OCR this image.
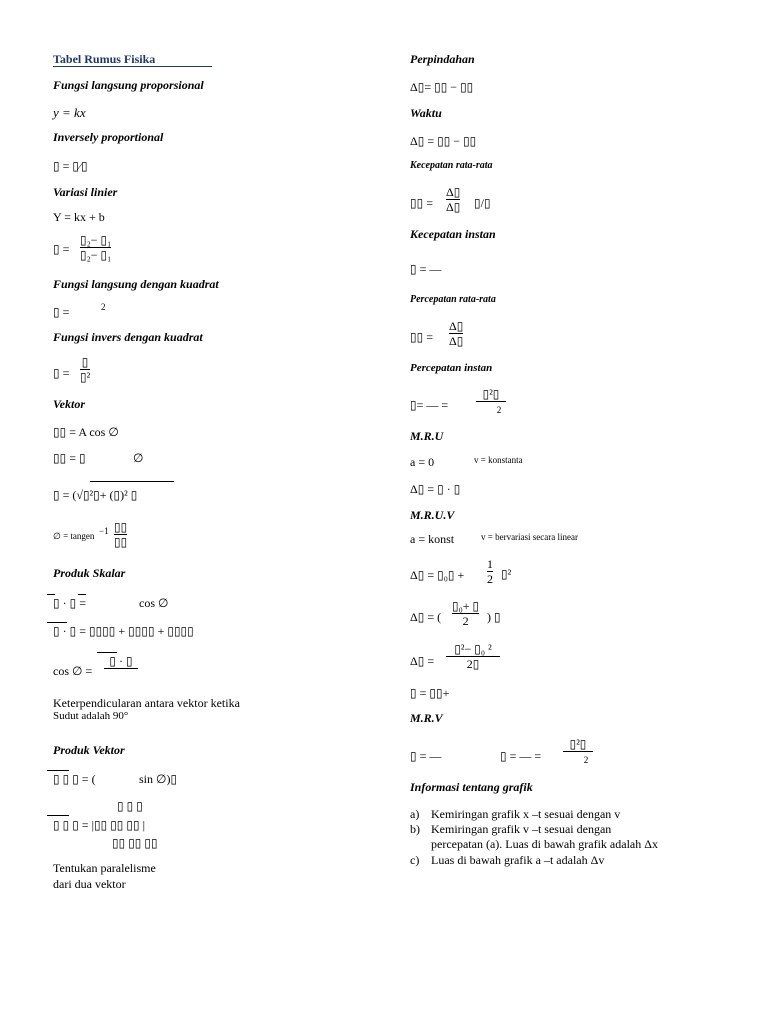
Tabel Rumus Fisika
Fungsi langsung proporsional
y = kx
Inversely proportional
▯ = ▯⁄▯
Variasi linier
Y = kx + b
▯ =
▯₂− ▯₁
▯₂− ▯₁
Fungsi langsung dengan kuadrat
▯ =	2
Fungsi invers dengan kuadrat
▯ =
▯
▯²
Vektor
▯▯ = A cos ∅
▯▯ = ▯	∅
▯ = (√▯²▯+ (▯)² ▯
∅ = tangen −1 ▯▯
▯▯
Produk Skalar
▯ · ▯ =	cos ∅
▯ · ▯ = ▯▯▯▯ + ▯▯▯▯ + ▯▯▯▯
cos ∅ =
▯ · ▯
Keterpendicularan antara vektor ketika
Sudut adalah 90°
Produk Vektor
▯ ▯ ▯ = (	sin ∅)▯
▯ ▯ ▯
▯ ▯ ▯ = |▯▯ ▯▯ ▯▯ |
▯▯ ▯▯ ▯▯
Tentukan paralelisme
dari dua vektor
Perpindahan
Δ▯= ▯▯ − ▯▯
Waktu
Δ▯ = ▯▯ − ▯▯
Kecepatan rata-rata
▯▯ =
Δ▯
Δ▯ ▯/▯
Kecepatan instan
▯ = —
Percepatan rata-rata
▯▯ =
Δ▯
Δ▯
Percepatan instan
▯= — =
▯²▯
2
M.R.U
a = 0	v = konstanta
Δ▯ = ▯ · ▯
M.R.U.V
a = konst	v = bervariasi secara linear
Δ▯ = ▯₀▯ +
1
2 ▯²
Δ▯ = (
▯₀+ ▯
2	) ▯
Δ▯ =
▯²− ▯₀ ²
2▯
▯ = ▯▯+
M.R.V
▯ = —	▯ = — =
▯²▯
2
Informasi tentang grafik
a) Kemiringan grafik x –t sesuai dengan v
b) Kemiringan grafik v –t sesuai dengan
percepatan (a). Luas di bawah grafik adalah Δx
c) Luas di bawah grafik a –t adalah Δv
